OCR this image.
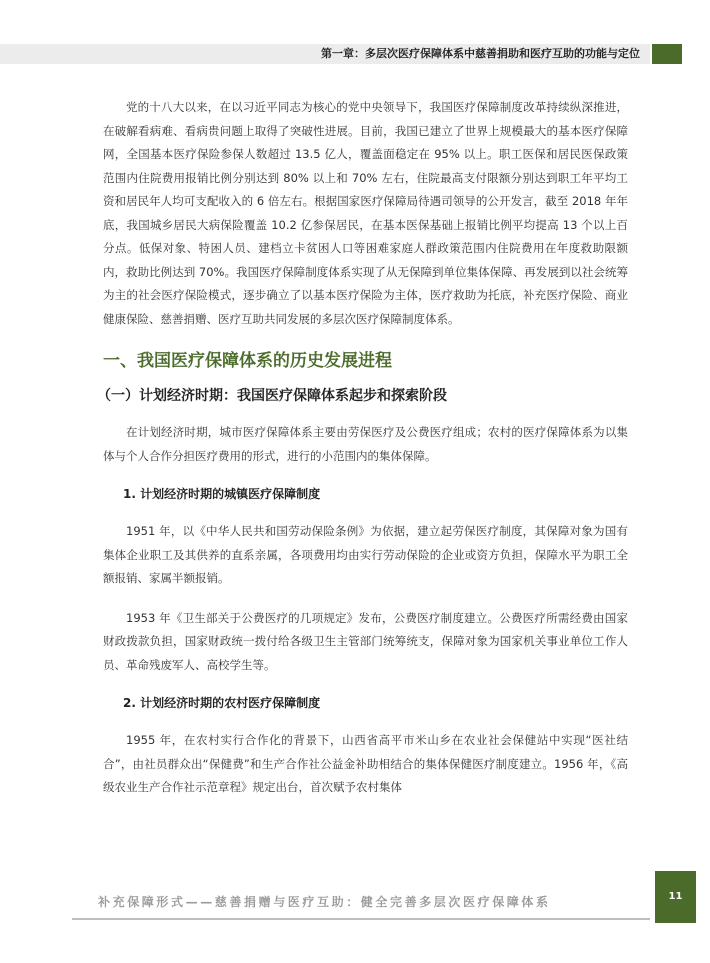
第一章：多层次医疗保障体系中慈善捐助和医疗互助的功能与定位

党的十八大以来，在以习近平同志为核心的党中央领导下，我国医疗保障制度改革持续纵深推进，在破解看病难、看病贵问题上取得了突破性进展。目前，我国已建立了世界上规模最大的基本医疗保障网，全国基本医疗保险参保人数超过 13.5 亿人，覆盖面稳定在 95% 以上。职工医保和居民医保政策范围内住院费用报销比例分别达到 80% 以上和 70% 左右，住院最高支付限额分别达到职工年平均工资和居民年人均可支配收入的 6 倍左右。根据国家医疗保障局待遇司领导的公开发言，截至 2018 年年底，我国城乡居民大病保险覆盖 10.2 亿参保居民，在基本医保基础上报销比例平均提高 13 个以上百分点。低保对象、特困人员、建档立卡贫困人口等困难家庭人群政策范围内住院费用在年度救助限额内，救助比例达到 70%。我国医疗保障制度体系实现了从无保障到单位集体保障、再发展到以社会统筹为主的社会医疗保险模式，逐步确立了以基本医疗保险为主体，医疗救助为托底，补充医疗保险、商业健康保险、慈善捐赠、医疗互助共同发展的多层次医疗保障制度体系。

一、我国医疗保障体系的历史发展进程
（一）计划经济时期：我国医疗保障体系起步和探索阶段

在计划经济时期，城市医疗保障体系主要由劳保医疗及公费医疗组成；农村的医疗保障体系为以集体与个人合作分担医疗费用的形式，进行的小范围内的集体保障。

1. 计划经济时期的城镇医疗保障制度

1951 年，以《中华人民共和国劳动保险条例》为依据，建立起劳保医疗制度，其保障对象为国有集体企业职工及其供养的直系亲属，各项费用均由实行劳动保险的企业或资方负担，保障水平为职工全额报销、家属半额报销。

1953 年《卫生部关于公费医疗的几项规定》发布，公费医疗制度建立。公费医疗所需经费由国家财政拨款负担，国家财政统一拨付给各级卫生主管部门统筹统支，保障对象为国家机关事业单位工作人员、革命残废军人、高校学生等。

2. 计划经济时期的农村医疗保障制度

1955 年，在农村实行合作化的背景下，山西省高平市米山乡在农业社会保健站中实现“医社结合”，由社员群众出“保健费”和生产合作社公益金补助相结合的集体保健医疗制度建立。1956 年，《高级农业生产合作社示范章程》规定出台，首次赋予农村集体

补充保障形式——慈善捐赠与医疗互助：健全完善多层次医疗保障体系	11
